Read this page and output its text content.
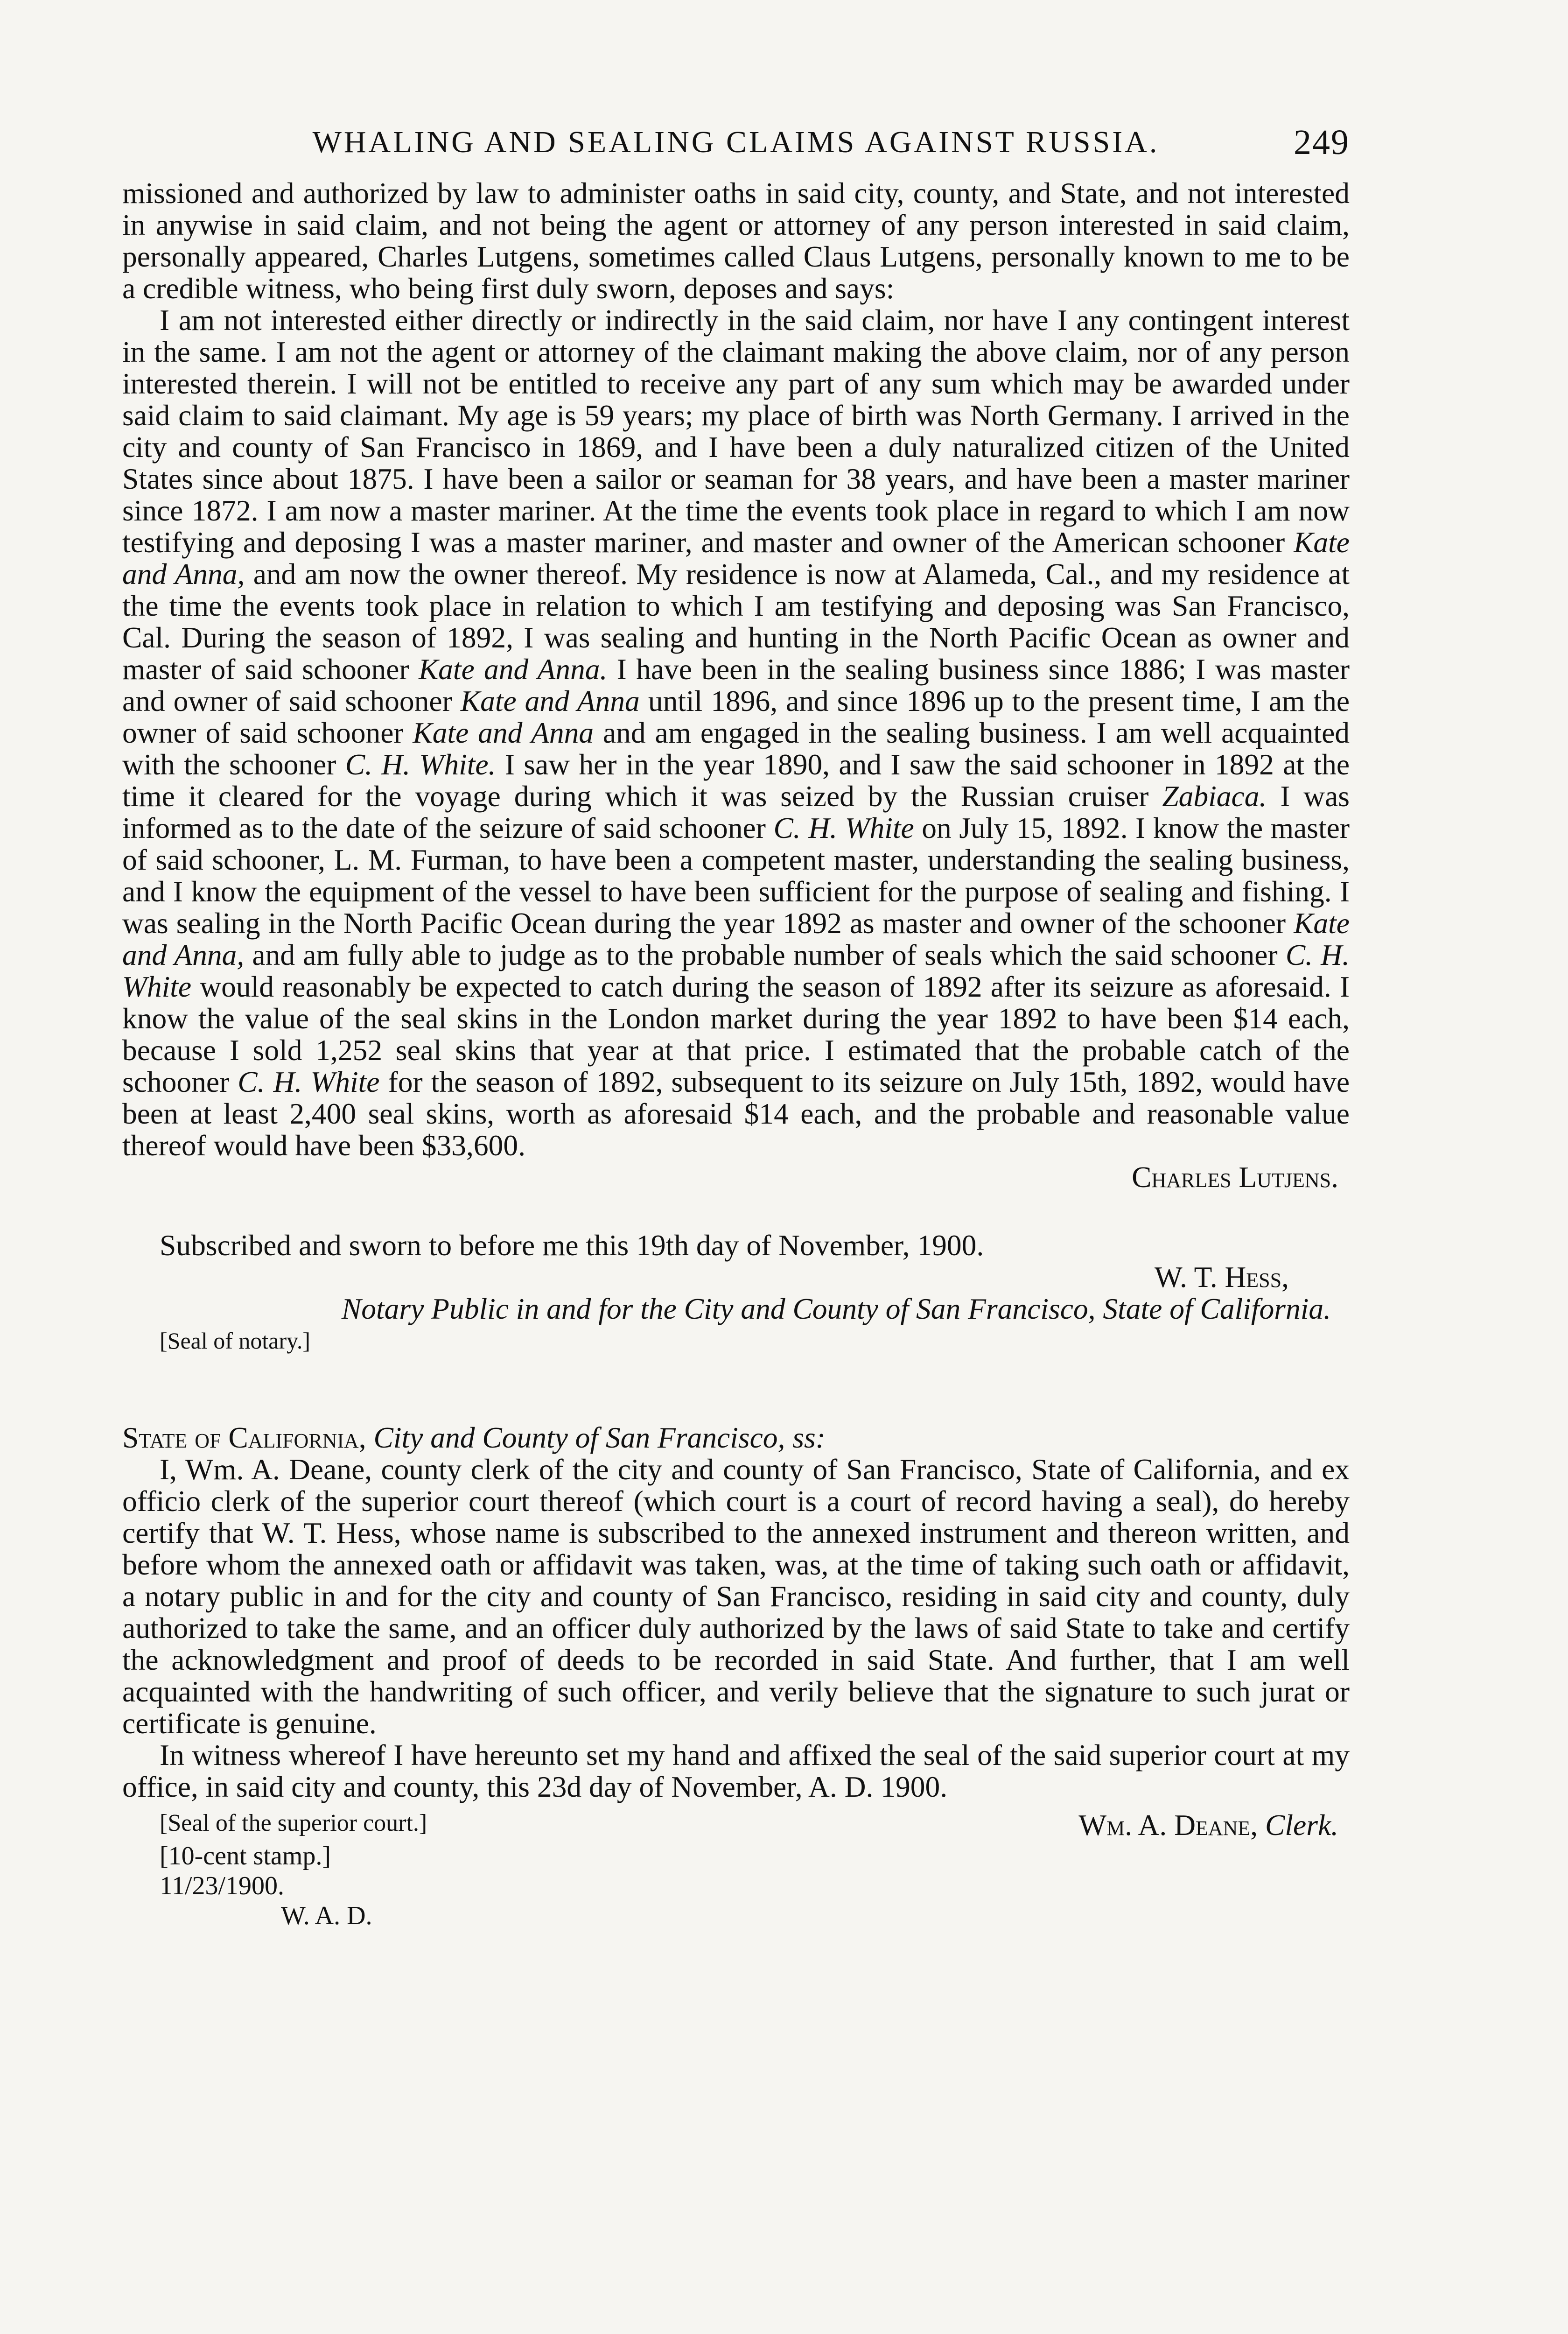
WHALING AND SEALING CLAIMS AGAINST RUSSIA.	249

missioned and authorized by law to administer oaths in said city, county, and State, and not interested in anywise in said claim, and not being the agent or attorney of any person interested in said claim, personally appeared, Charles Lutgens, sometimes called Claus Lutgens, personally known to me to be a credible witness, who being first duly sworn, deposes and says:

I am not interested either directly or indirectly in the said claim, nor have I any contingent interest in the same. I am not the agent or attorney of the claimant making the above claim, nor of any person interested therein. I will not be entitled to receive any part of any sum which may be awarded under said claim to said claimant. My age is 59 years; my place of birth was North Germany. I arrived in the city and county of San Francisco in 1869, and I have been a duly naturalized citizen of the United States since about 1875. I have been a sailor or seaman for 38 years, and have been a master mariner since 1872. I am now a master mariner. At the time the events took place in regard to which I am now testifying and deposing I was a master mariner, and master and owner of the American schooner Kate and Anna, and am now the owner thereof. My residence is now at Alameda, Cal., and my residence at the time the events took place in relation to which I am testifying and deposing was San Francisco, Cal. During the season of 1892, I was sealing and hunting in the North Pacific Ocean as owner and master of said schooner Kate and Anna. I have been in the sealing business since 1886; I was master and owner of said schooner Kate and Anna until 1896, and since 1896 up to the present time, I am the owner of said schooner Kate and Anna and am engaged in the sealing business. I am well acquainted with the schooner C. H. White. I saw her in the year 1890, and I saw the said schooner in 1892 at the time it cleared for the voyage during which it was seized by the Russian cruiser Zabiaca. I was informed as to the date of the seizure of said schooner C. H. White on July 15, 1892. I know the master of said schooner, L. M. Furman, to have been a competent master, understanding the sealing business, and I know the equipment of the vessel to have been sufficient for the purpose of sealing and fishing. I was sealing in the North Pacific Ocean during the year 1892 as master and owner of the schooner Kate and Anna, and am fully able to judge as to the probable number of seals which the said schooner C. H. White would reasonably be expected to catch during the season of 1892 after its seizure as aforesaid. I know the value of the seal skins in the London market during the year 1892 to have been $14 each, because I sold 1,252 seal skins that year at that price. I estimated that the probable catch of the schooner C. H. White for the season of 1892, subsequent to its seizure on July 15th, 1892, would have been at least 2,400 seal skins, worth as aforesaid $14 each, and the probable and reasonable value thereof would have been $33,600.

Charles Lutjens.

Subscribed and sworn to before me this 19th day of November, 1900.

W. T. Hess,

Notary Public in and for the City and County of San Francisco, State of California.

[Seal of notary.]

State of California, City and County of San Francisco, ss:

I, Wm. A. Deane, county clerk of the city and county of San Francisco, State of California, and ex officio clerk of the superior court thereof (which court is a court of record having a seal), do hereby certify that W. T. Hess, whose name is subscribed to the annexed instrument and thereon written, and before whom the annexed oath or affidavit was taken, was, at the time of taking such oath or affidavit, a notary public in and for the city and county of San Francisco, residing in said city and county, duly authorized to take the same, and an officer duly authorized by the laws of said State to take and certify the acknowledgment and proof of deeds to be recorded in said State. And further, that I am well acquainted with the handwriting of such officer, and verily believe that the signature to such jurat or certificate is genuine.

In witness whereof I have hereunto set my hand and affixed the seal of the said superior court at my office, in said city and county, this 23d day of November, A. D. 1900.

[Seal of the superior court.]	Wm. A. Deane, Clerk.
[10-cent stamp.]
11/23/1900.
W. A. D.
